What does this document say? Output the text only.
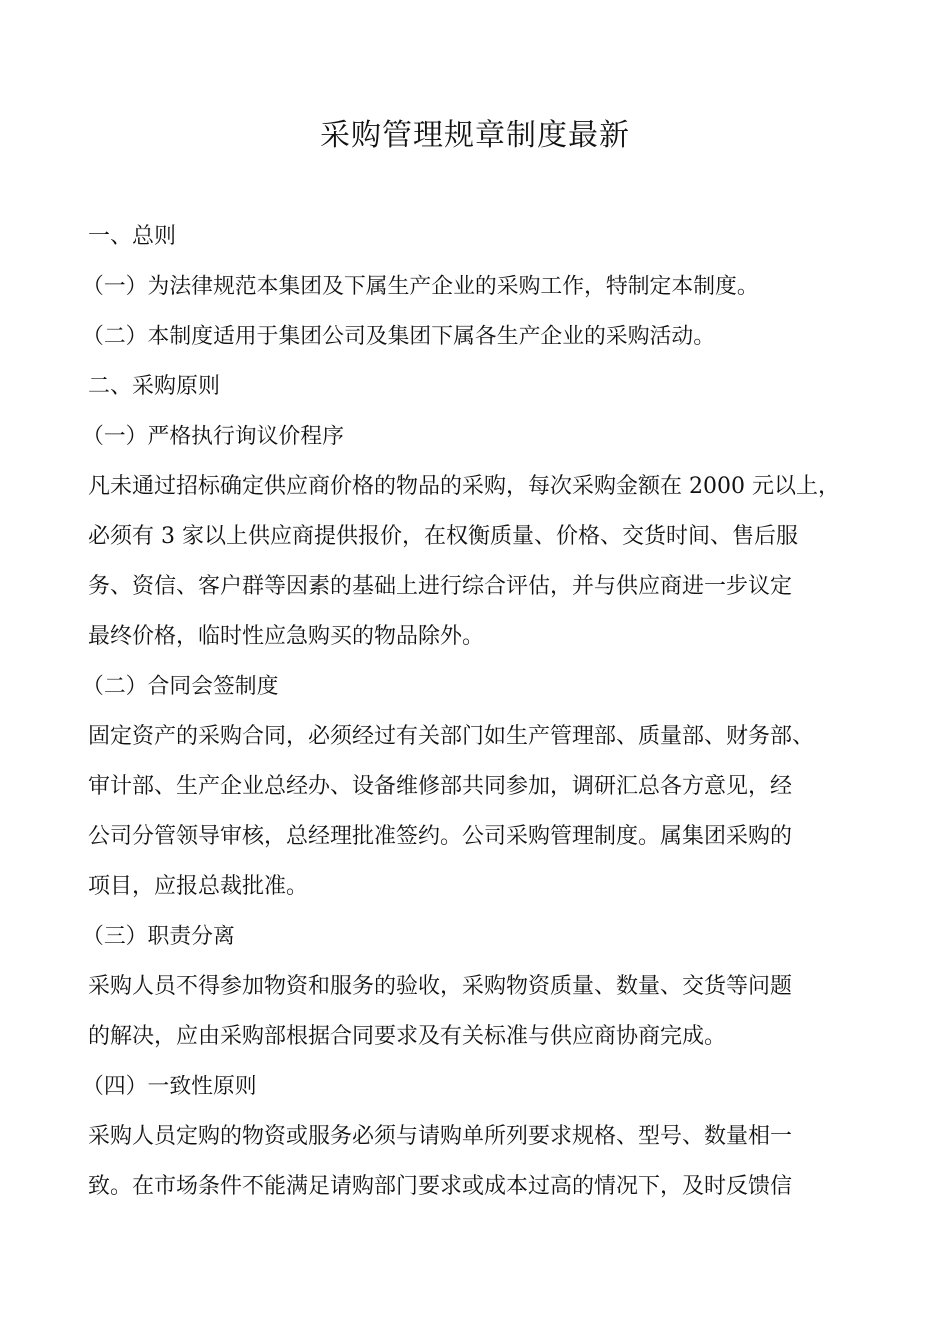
采购管理规章制度最新
一、总则
（一）为法律规范本集团及下属生产企业的采购工作，特制定本制度。
（二）本制度适用于集团公司及集团下属各生产企业的采购活动。
二、采购原则
（一）严格执行询议价程序
凡未通过招标确定供应商价格的物品的采购，每次采购金额在 2000 元以上，
必须有 3 家以上供应商提供报价，在权衡质量、价格、交货时间、售后服
务、资信、客户群等因素的基础上进行综合评估，并与供应商进一步议定
最终价格，临时性应急购买的物品除外。
（二）合同会签制度
固定资产的采购合同，必须经过有关部门如生产管理部、质量部、财务部、
审计部、生产企业总经办、设备维修部共同参加，调研汇总各方意见，经
公司分管领导审核，总经理批准签约。公司采购管理制度。属集团采购的
项目，应报总裁批准。
（三）职责分离
采购人员不得参加物资和服务的验收，采购物资质量、数量、交货等问题
的解决，应由采购部根据合同要求及有关标准与供应商协商完成。
（四）一致性原则
采购人员定购的物资或服务必须与请购单所列要求规格、型号、数量相一
致。在市场条件不能满足请购部门要求或成本过高的情况下，及时反馈信
